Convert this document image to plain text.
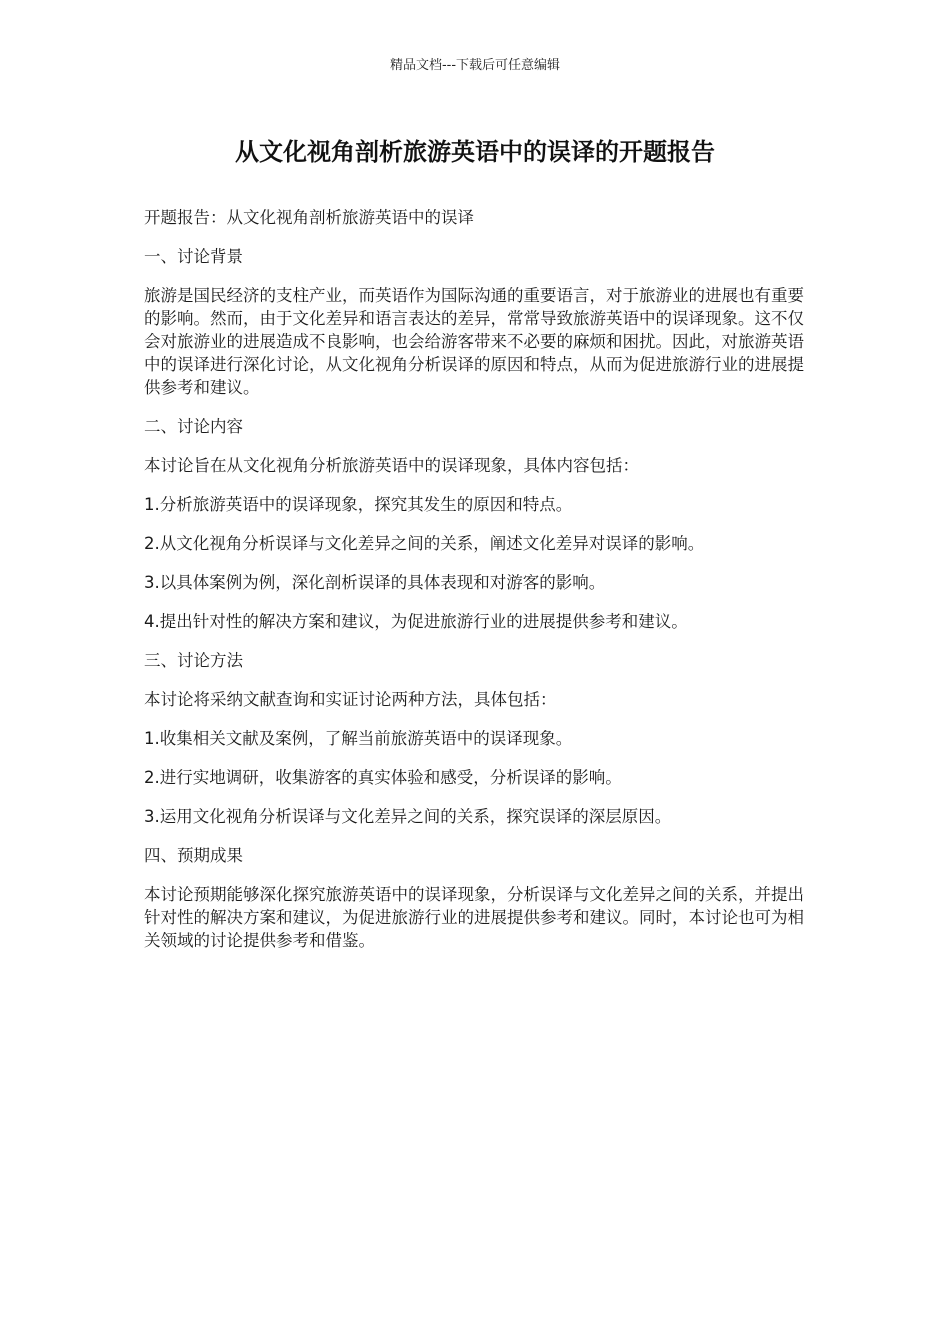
精品文档---下载后可任意编辑
从文化视角剖析旅游英语中的误译的开题报告

开题报告：从文化视角剖析旅游英语中的误译

一、讨论背景

旅游是国民经济的支柱产业，而英语作为国际沟通的重要语言，对于旅游业的进展也有重要的影响。然而，由于文化差异和语言表达的差异，常常导致旅游英语中的误译现象。这不仅会对旅游业的进展造成不良影响，也会给游客带来不必要的麻烦和困扰。因此，对旅游英语中的误译进行深化讨论，从文化视角分析误译的原因和特点，从而为促进旅游行业的进展提供参考和建议。

二、讨论内容

本讨论旨在从文化视角分析旅游英语中的误译现象，具体内容包括：

1.分析旅游英语中的误译现象，探究其发生的原因和特点。

2.从文化视角分析误译与文化差异之间的关系，阐述文化差异对误译的影响。

3.以具体案例为例，深化剖析误译的具体表现和对游客的影响。

4.提出针对性的解决方案和建议，为促进旅游行业的进展提供参考和建议。

三、讨论方法

本讨论将采纳文献查询和实证讨论两种方法，具体包括：

1.收集相关文献及案例，了解当前旅游英语中的误译现象。

2.进行实地调研，收集游客的真实体验和感受，分析误译的影响。

3.运用文化视角分析误译与文化差异之间的关系，探究误译的深层原因。

四、预期成果

本讨论预期能够深化探究旅游英语中的误译现象，分析误译与文化差异之间的关系，并提出针对性的解决方案和建议，为促进旅游行业的进展提供参考和建议。同时，本讨论也可为相关领域的讨论提供参考和借鉴。
